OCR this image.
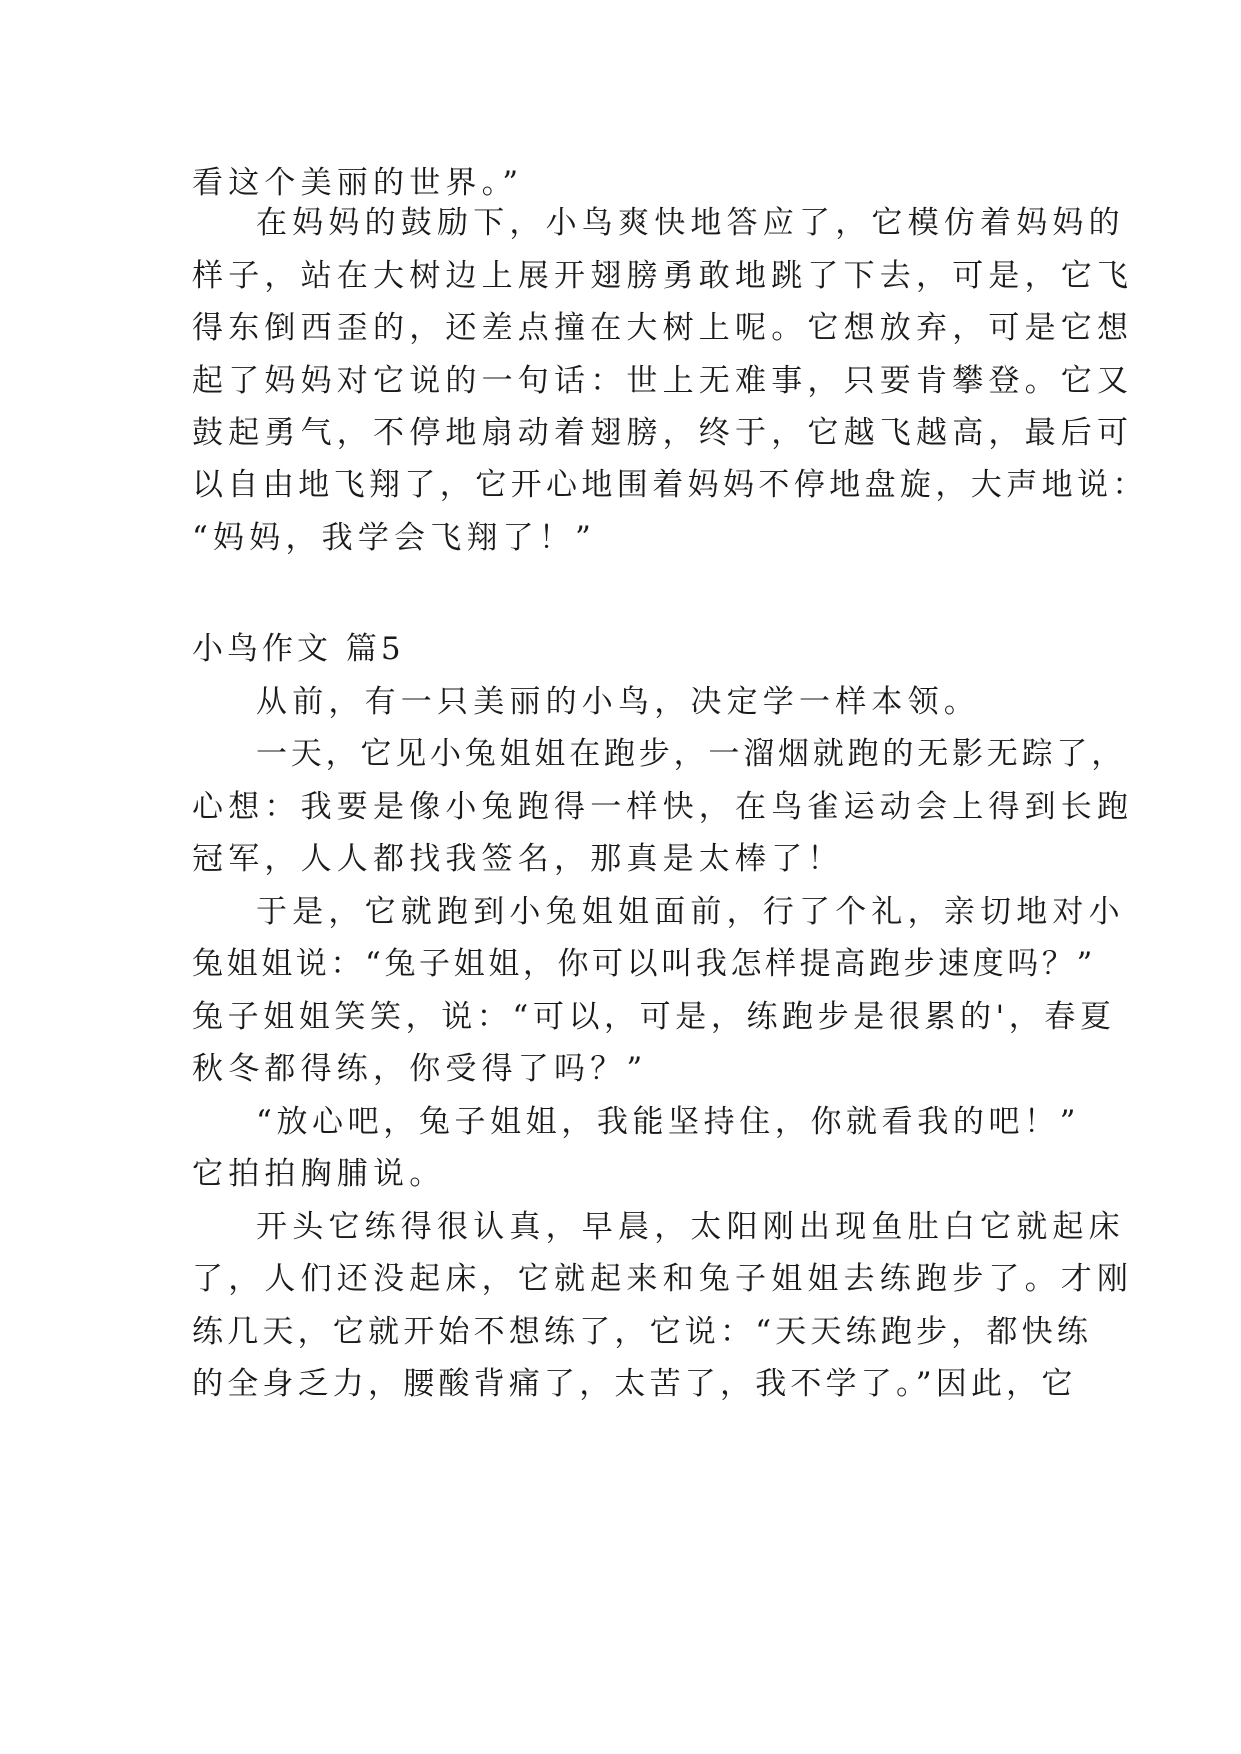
看这个美丽的世界。”
在妈妈的鼓励下，小鸟爽快地答应了，它模仿着妈妈的
样子，站在大树边上展开翅膀勇敢地跳了下去，可是，它飞
得东倒西歪的，还差点撞在大树上呢。它想放弃，可是它想
起了妈妈对它说的一句话：世上无难事，只要肯攀登。它又
鼓起勇气，不停地扇动着翅膀，终于，它越飞越高，最后可
以自由地飞翔了，它开心地围着妈妈不停地盘旋，大声地说：
“妈妈，我学会飞翔了！”
小鸟作文 篇5
从前，有一只美丽的小鸟，决定学一样本领。
一天，它见小兔姐姐在跑步，一溜烟就跑的无影无踪了，
心想：我要是像小兔跑得一样快，在鸟雀运动会上得到长跑
冠军，人人都找我签名，那真是太棒了！
于是，它就跑到小兔姐姐面前，行了个礼，亲切地对小
兔姐姐说：“兔子姐姐，你可以叫我怎样提高跑步速度吗？”
兔子姐姐笑笑，说：“可以，可是，练跑步是很累的'，春夏
秋冬都得练，你受得了吗？”
“放心吧，兔子姐姐，我能坚持住，你就看我的吧！”
它拍拍胸脯说。
开头它练得很认真，早晨，太阳刚出现鱼肚白它就起床
了，人们还没起床，它就起来和兔子姐姐去练跑步了。才刚
练几天，它就开始不想练了，它说：“天天练跑步，都快练
的全身乏力，腰酸背痛了，太苦了，我不学了。”因此，它
